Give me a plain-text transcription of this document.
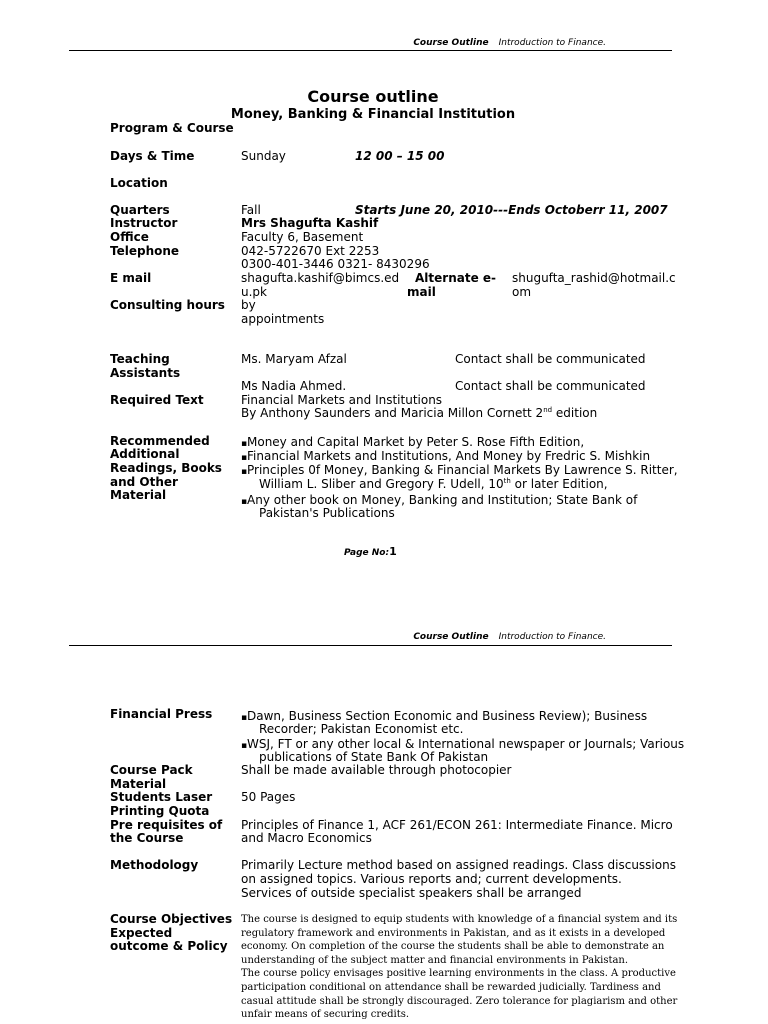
Course Outline Introduction to Finance.
Course outline
Money, Banking & Financial Institution
Program & Course
Days & Time	Sunday	12 00 – 15 00
Location
Quarters	Fall	Starts June 20, 2010---Ends Octoberr 11, 2007
Instructor	Mrs Shagufta Kashif
Office	Faculty 6, Basement
Telephone	042-5722670 Ext 2253
0300-401-3446 0321- 8430296
E mail	shagufta.kashif@bimcs.ed
u.pk
Alternate e-
mail
shugufta_rashid@hotmail.c
om
Consulting hours by
appointments
Teaching
Assistants
Ms. Maryam Afzal	Contact shall be communicated
Ms Nadia Ahmed.	Contact shall be communicated
Required Text	Financial Markets and Institutions
By Anthony Saunders and Maricia Millon Cornett 2nd edition
Recommended
Additional
Readings, Books
and Other
Material
▪ Money and Capital Market by Peter S. Rose Fifth Edition,
▪ Financial Markets and Institutions, And Money by Fredric S. Mishkin
▪ Principles 0f Money, Banking & Financial Markets By Lawrence S. Ritter,
William L. Sliber and Gregory F. Udell, 10th or later Edition,
▪ Any other book on Money, Banking and Institution; State Bank of
Pakistan's Publications
Page No:1
Course Outline Introduction to Finance.
Financial Press
▪	Dawn, Business Section Economic and Business Review); Business
Recorder; Pakistan Economist etc.
▪ WSJ, FT or any other local & International newspaper or Journals; Various
publications of State Bank Of Pakistan
Course Pack
Material
Shall be made available through photocopier
Students Laser
Printing Quota
50 Pages
Pre requisites of
the Course
Principles of Finance 1, ACF 261/ECON 261: Intermediate Finance. Micro
and Macro Economics
Methodology	Primarily Lecture method based on assigned readings. Class discussions
on assigned topics. Various reports and; current developments.
Services of outside specialist speakers shall be arranged
Course Objectives
Expected
outcome & Policy
The course is designed to equip students with knowledge of a financial system and its regulatory framework and environments in Pakistan, and as it exists in a developed economy. On completion of the course the students shall be able to demonstrate an understanding of the subject matter and financial environments in Pakistan.
The course policy envisages positive learning environments in the class. A productive participation conditional on attendance shall be rewarded judicially. Tardiness and casual attitude shall be strongly discouraged. Zero tolerance for plagiarism and other unfair means of securing credits.
